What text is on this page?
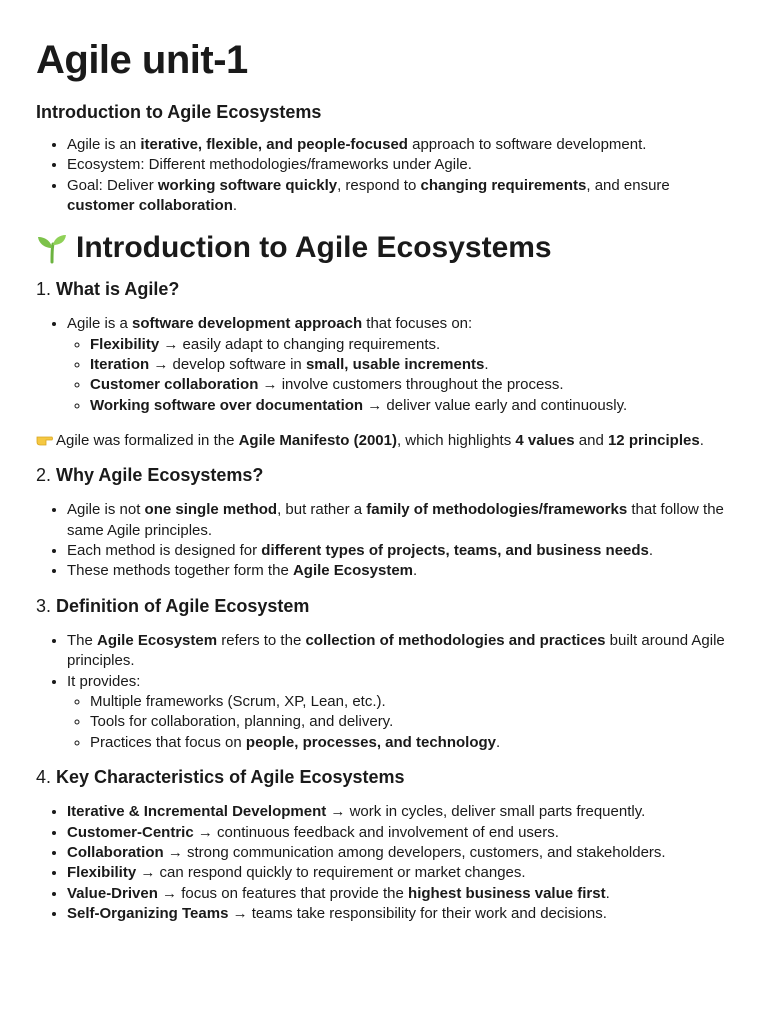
Agile unit-1
Introduction to Agile Ecosystems
• Agile is an iterative, flexible, and people-focused approach to software development.
• Ecosystem: Different methodologies/frameworks under Agile.
• Goal: Deliver working software quickly, respond to changing requirements, and ensure customer collaboration.
Introduction to Agile Ecosystems
1. What is Agile?
• Agile is a software development approach that focuses on:
◦ Flexibility → easily adapt to changing requirements.
◦ Iteration → develop software in small, usable increments.
◦ Customer collaboration → involve customers throughout the process.
◦ Working software over documentation → deliver value early and continuously.

Agile was formalized in the Agile Manifesto (2001), which highlights 4 values and 12 principles.

2. Why Agile Ecosystems?
• Agile is not one single method, but rather a family of methodologies/frameworks that follow the same Agile principles.
• Each method is designed for different types of projects, teams, and business needs.
• These methods together form the Agile Ecosystem.
3. Definition of Agile Ecosystem
• The Agile Ecosystem refers to the collection of methodologies and practices built around Agile principles.
• It provides:
◦ Multiple frameworks (Scrum, XP, Lean, etc.).
◦ Tools for collaboration, planning, and delivery.
◦ Practices that focus on people, processes, and technology.
4. Key Characteristics of Agile Ecosystems
• Iterative & Incremental Development → work in cycles, deliver small parts frequently.
• Customer-Centric → continuous feedback and involvement of end users.
• Collaboration → strong communication among developers, customers, and stakeholders.
• Flexibility → can respond quickly to requirement or market changes.
• Value-Driven → focus on features that provide the highest business value first.
• Self-Organizing Teams → teams take responsibility for their work and decisions.
